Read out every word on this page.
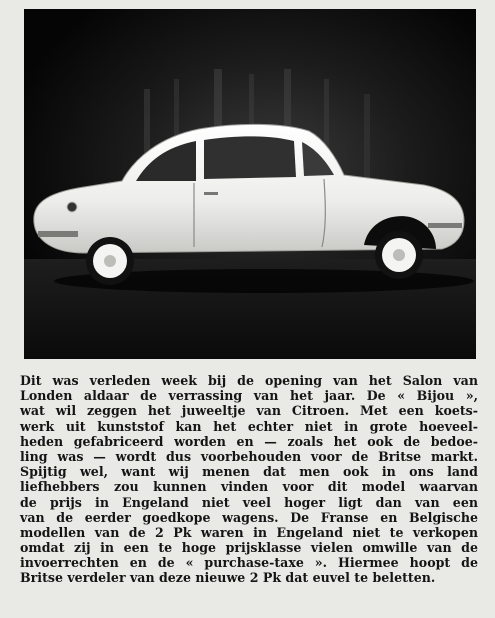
Dit was verleden week bij de opening van het Salon van
Londen aldaar de verrassing van het jaar. De « Bijou »,
wat wil zeggen het juweeltje van Citroen. Met een koets-
werk uit kunststof kan het echter niet in grote hoeveel-
heden gefabriceerd worden en — zoals het ook de bedoe-
ling was — wordt dus voorbehouden voor de Britse markt.
Spijtig wel, want wij menen dat men ook in ons land
liefhebbers zou kunnen vinden voor dit model waarvan
de prijs in Engeland niet veel hoger ligt dan van een
van de eerder goedkope wagens. De Franse en Belgische
modellen van de 2 Pk waren in Engeland niet te verkopen
omdat zij in een te hoge prijsklasse vielen omwille van de
invoerrechten en de « purchase-taxe ». Hiermee hoopt de
Britse verdeler van deze nieuwe 2 Pk dat euvel te beletten.
